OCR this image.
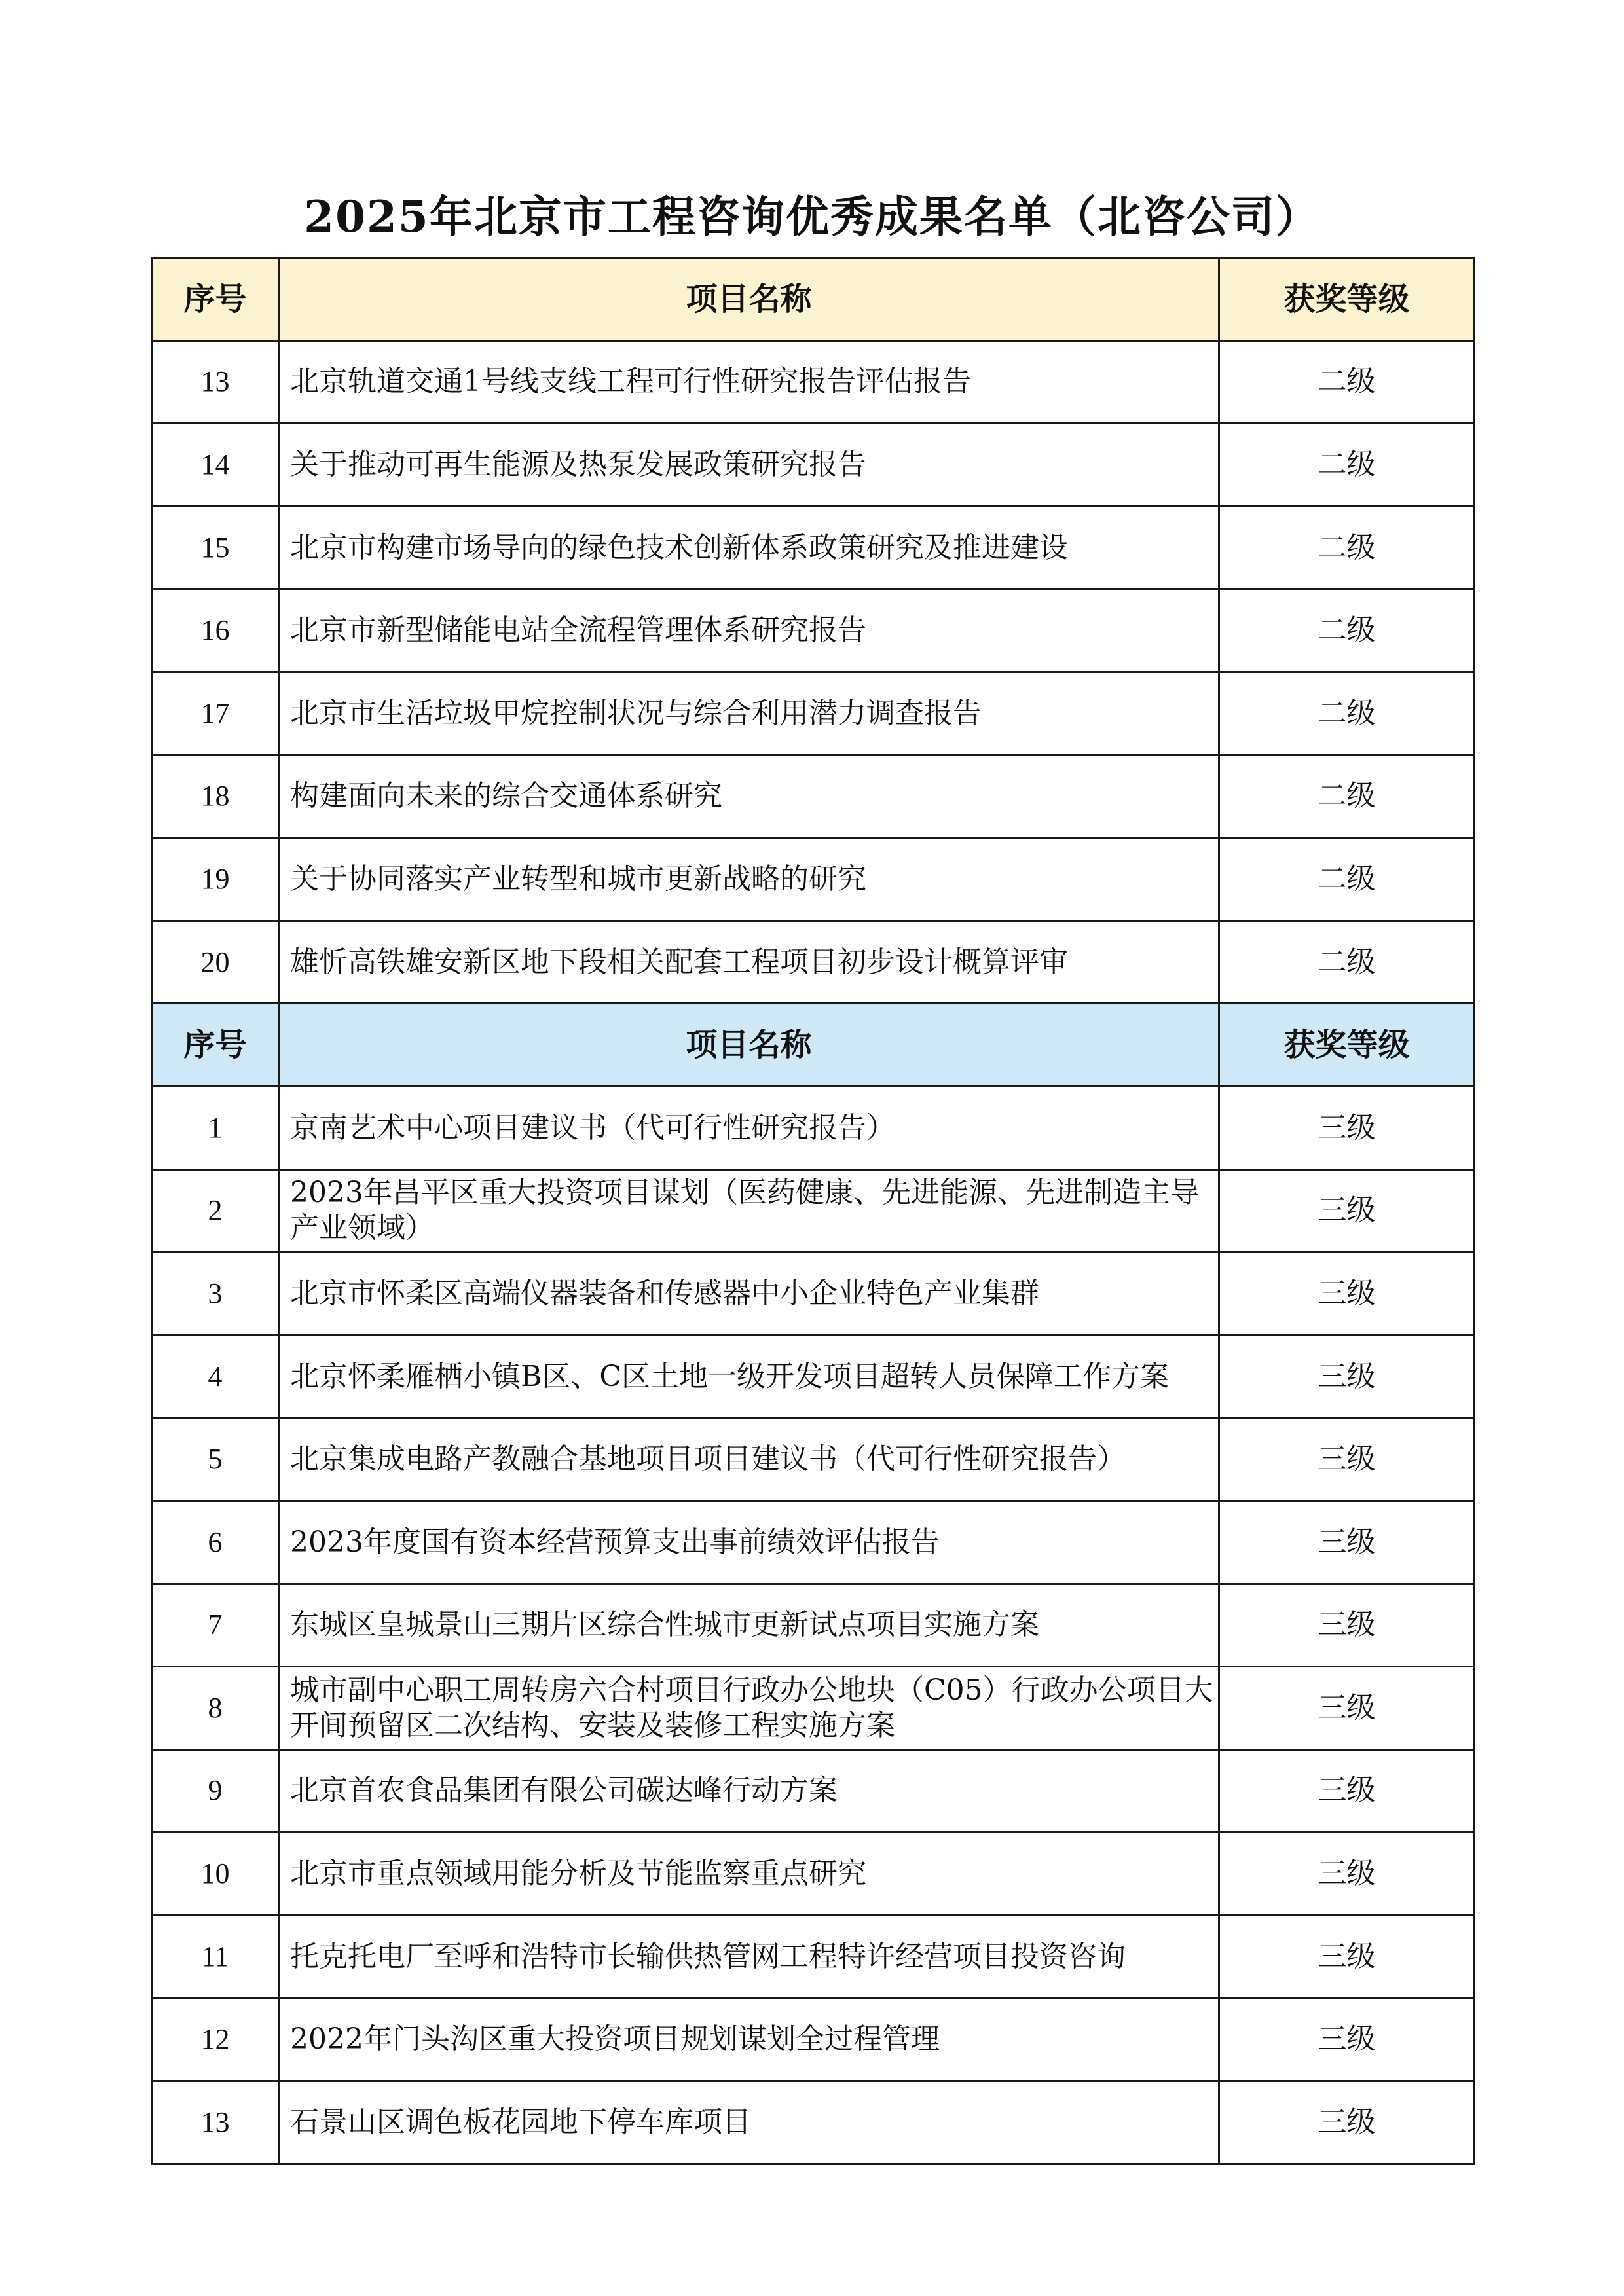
2025年北京市工程咨询优秀成果名单（北咨公司）
序号	项目名称	获奖等级
13	北京轨道交通1号线支线工程可行性研究报告评估报告	二级
14	关于推动可再生能源及热泵发展政策研究报告	二级
15	北京市构建市场导向的绿色技术创新体系政策研究及推进建设	二级
16	北京市新型储能电站全流程管理体系研究报告	二级
17	北京市生活垃圾甲烷控制状况与综合利用潜力调查报告	二级
18	构建面向未来的综合交通体系研究	二级
19	关于协同落实产业转型和城市更新战略的研究	二级
20	雄忻高铁雄安新区地下段相关配套工程项目初步设计概算评审	二级
序号	项目名称	获奖等级
1	京南艺术中心项目建议书（代可行性研究报告）	三级
2	2023年昌平区重大投资项目谋划（医药健康、先进能源、先进制造主导产业领域）	三级
3	北京市怀柔区高端仪器装备和传感器中小企业特色产业集群	三级
4	北京怀柔雁栖小镇B区、C区土地一级开发项目超转人员保障工作方案	三级
5	北京集成电路产教融合基地项目项目建议书（代可行性研究报告）	三级
6	2023年度国有资本经营预算支出事前绩效评估报告	三级
7	东城区皇城景山三期片区综合性城市更新试点项目实施方案	三级
8	城市副中心职工周转房六合村项目行政办公地块（C05）行政办公项目大开间预留区二次结构、安装及装修工程实施方案	三级
9	北京首农食品集团有限公司碳达峰行动方案	三级
10	北京市重点领域用能分析及节能监察重点研究	三级
11	托克托电厂至呼和浩特市长输供热管网工程特许经营项目投资咨询	三级
12	2022年门头沟区重大投资项目规划谋划全过程管理	三级
13	石景山区调色板花园地下停车库项目	三级
